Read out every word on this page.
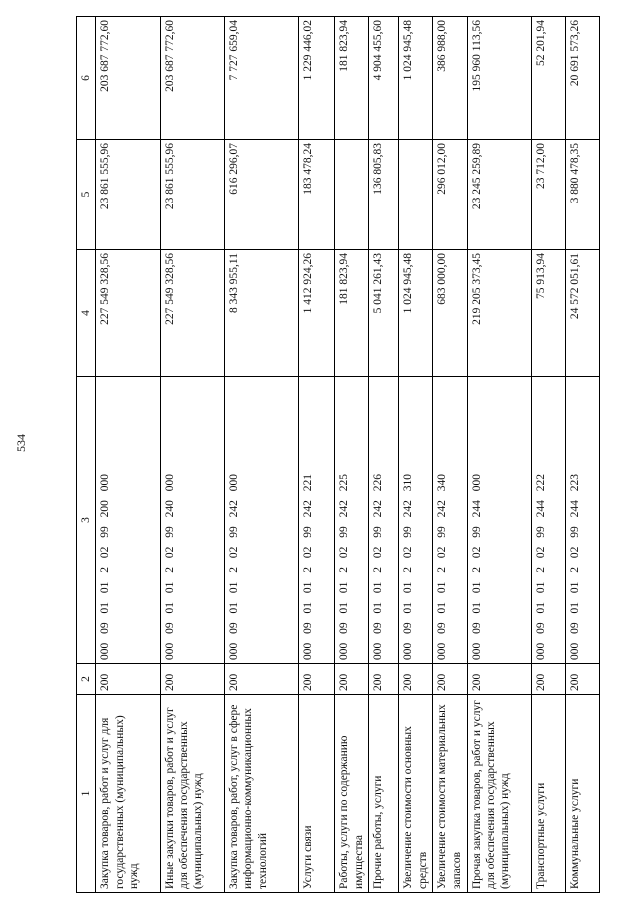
534
1	2	3	4	5	6
Закупка товаров, работ и услуг для государственных (муниципальных) нужд	200	000 09 01 01 2 02 99 200 000	227 549 328,56	23 861 555,96	203 687 772,60
Иные закупки товаров, работ и услуг для обеспечения государственных (муниципальных) нужд	200	000 09 01 01 2 02 99 240 000	227 549 328,56	23 861 555,96	203 687 772,60
Закупка товаров, работ, услуг в сфере информационно-коммуникационных технологий	200	000 09 01 01 2 02 99 242 000	8 343 955,11	616 296,07	7 727 659,04
Услуги связи	200	000 09 01 01 2 02 99 242 221	1 412 924,26	183 478,24	1 229 446,02
Работы, услуги по содержанию имущества	200	000 09 01 01 2 02 99 242 225	181 823,94		181 823,94
Прочие работы, услуги	200	000 09 01 01 2 02 99 242 226	5 041 261,43	136 805,83	4 904 455,60
Увеличение стоимости основных средств	200	000 09 01 01 2 02 99 242 310	1 024 945,48		1 024 945,48
Увеличение стоимости материальных запасов	200	000 09 01 01 2 02 99 242 340	683 000,00	296 012,00	386 988,00
Прочая закупка товаров, работ и услуг для обеспечения государственных (муниципальных) нужд	200	000 09 01 01 2 02 99 244 000	219 205 373,45	23 245 259,89	195 960 113,56
Транспортные услуги	200	000 09 01 01 2 02 99 244 222	75 913,94	23 712,00	52 201,94
Коммунальные услуги	200	000 09 01 01 2 02 99 244 223	24 572 051,61	3 880 478,35	20 691 573,26
